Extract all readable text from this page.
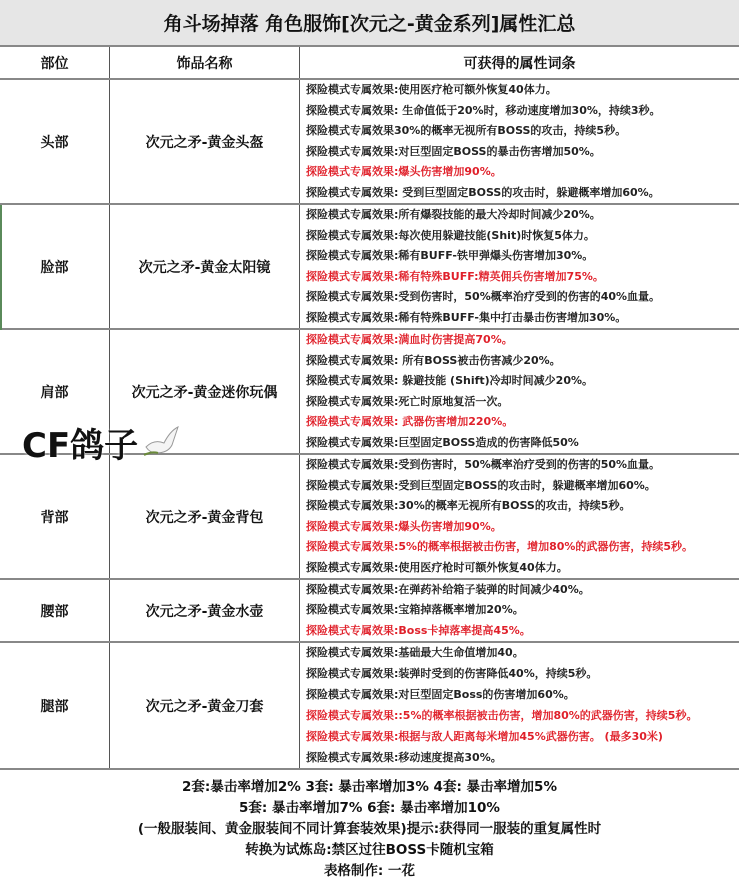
角斗场掉落 角色服饰[次元之-黄金系列]属性汇总
部位	饰品名称	可获得的属性词条
头部	次元之矛-黄金头盔
探险模式专属效果:使用医疗枪可额外恢复40体力。
探险模式专属效果: 生命值低于20%时，移动速度增加30%，持续3秒。
探险模式专属效果30%的概率无视所有BOSS的攻击，持续5秒。
探险模式专属效果:对巨型固定BOSS的暴击伤害增加50%。
探险模式专属效果:爆头伤害增加90%。
探险模式专属效果: 受到巨型固定BOSS的攻击时，躲避概率增加60%。
脸部	次元之矛-黄金太阳镜
探险模式专属效果:所有爆裂技能的最大冷却时间减少20%。
探险模式专属效果:每次使用躲避技能(Shit)时恢复5体力。
探险模式专属效果:稀有BUFF-铁甲弹爆头伤害增加30%。
探险模式专属效果:稀有特殊BUFF:精英佣兵伤害增加75%。
探险模式专属效果:受到伤害时，50%概率治疗受到的伤害的40%血量。
探险模式专属效果:稀有特殊BUFF-集中打击暴击伤害增加30%。
肩部	次元之矛-黄金迷你玩偶
探险模式专属效果:满血时伤害提高70%。
探险模式专属效果: 所有BOSS被击伤害减少20%。
探险模式专属效果: 躲避技能 (Shift)冷却时间减少20%。
探险模式专属效果:死亡时原地复活一次。
探险模式专属效果: 武器伤害增加220%。
探险模式专属效果:巨型固定BOSS造成的伤害降低50%
背部	次元之矛-黄金背包
探险模式专属效果:受到伤害时，50%概率治疗受到的伤害的50%血量。
探险模式专属效果:受到巨型固定BOSS的攻击时，躲避概率增加60%。
探险模式专属效果:30%的概率无视所有BOSS的攻击，持续5秒。
探险模式专属效果:爆头伤害增加90%。
探险模式专属效果:5%的概率根据被击伤害，增加80%的武器伤害，持续5秒。
探险模式专属效果:使用医疗枪时可额外恢复40体力。
腰部	次元之矛-黄金水壶
探险模式专属效果:在弹药补给箱子装弹的时间减少40%。
探险模式专属效果:宝箱掉落概率增加20%。
探险模式专属效果:Boss卡掉落率提高45%。
腿部	次元之矛-黄金刀套
探险模式专属效果:基础最大生命值增加40。
探险模式专属效果:装弹时受到的伤害降低40%，持续5秒。
探险模式专属效果:对巨型固定Boss的伤害增加60%。
探险模式专属效果::5%的概率根据被击伤害，增加80%的武器伤害，持续5秒。
探险模式专属效果:根据与敌人距离每米增加45%武器伤害。 (最多30米)
探险模式专属效果:移动速度提高30%。
2套:暴击率增加2% 3套: 暴击率增加3% 4套: 暴击率增加5%
5套: 暴击率增加7% 6套: 暴击率增加10%
(一般服装间、黄金服装间不同计算套装效果)提示:获得同一服装的重复属性时
转换为试炼岛:禁区过往BOSS卡随机宝箱
表格制作: 一花
CF鸽子
